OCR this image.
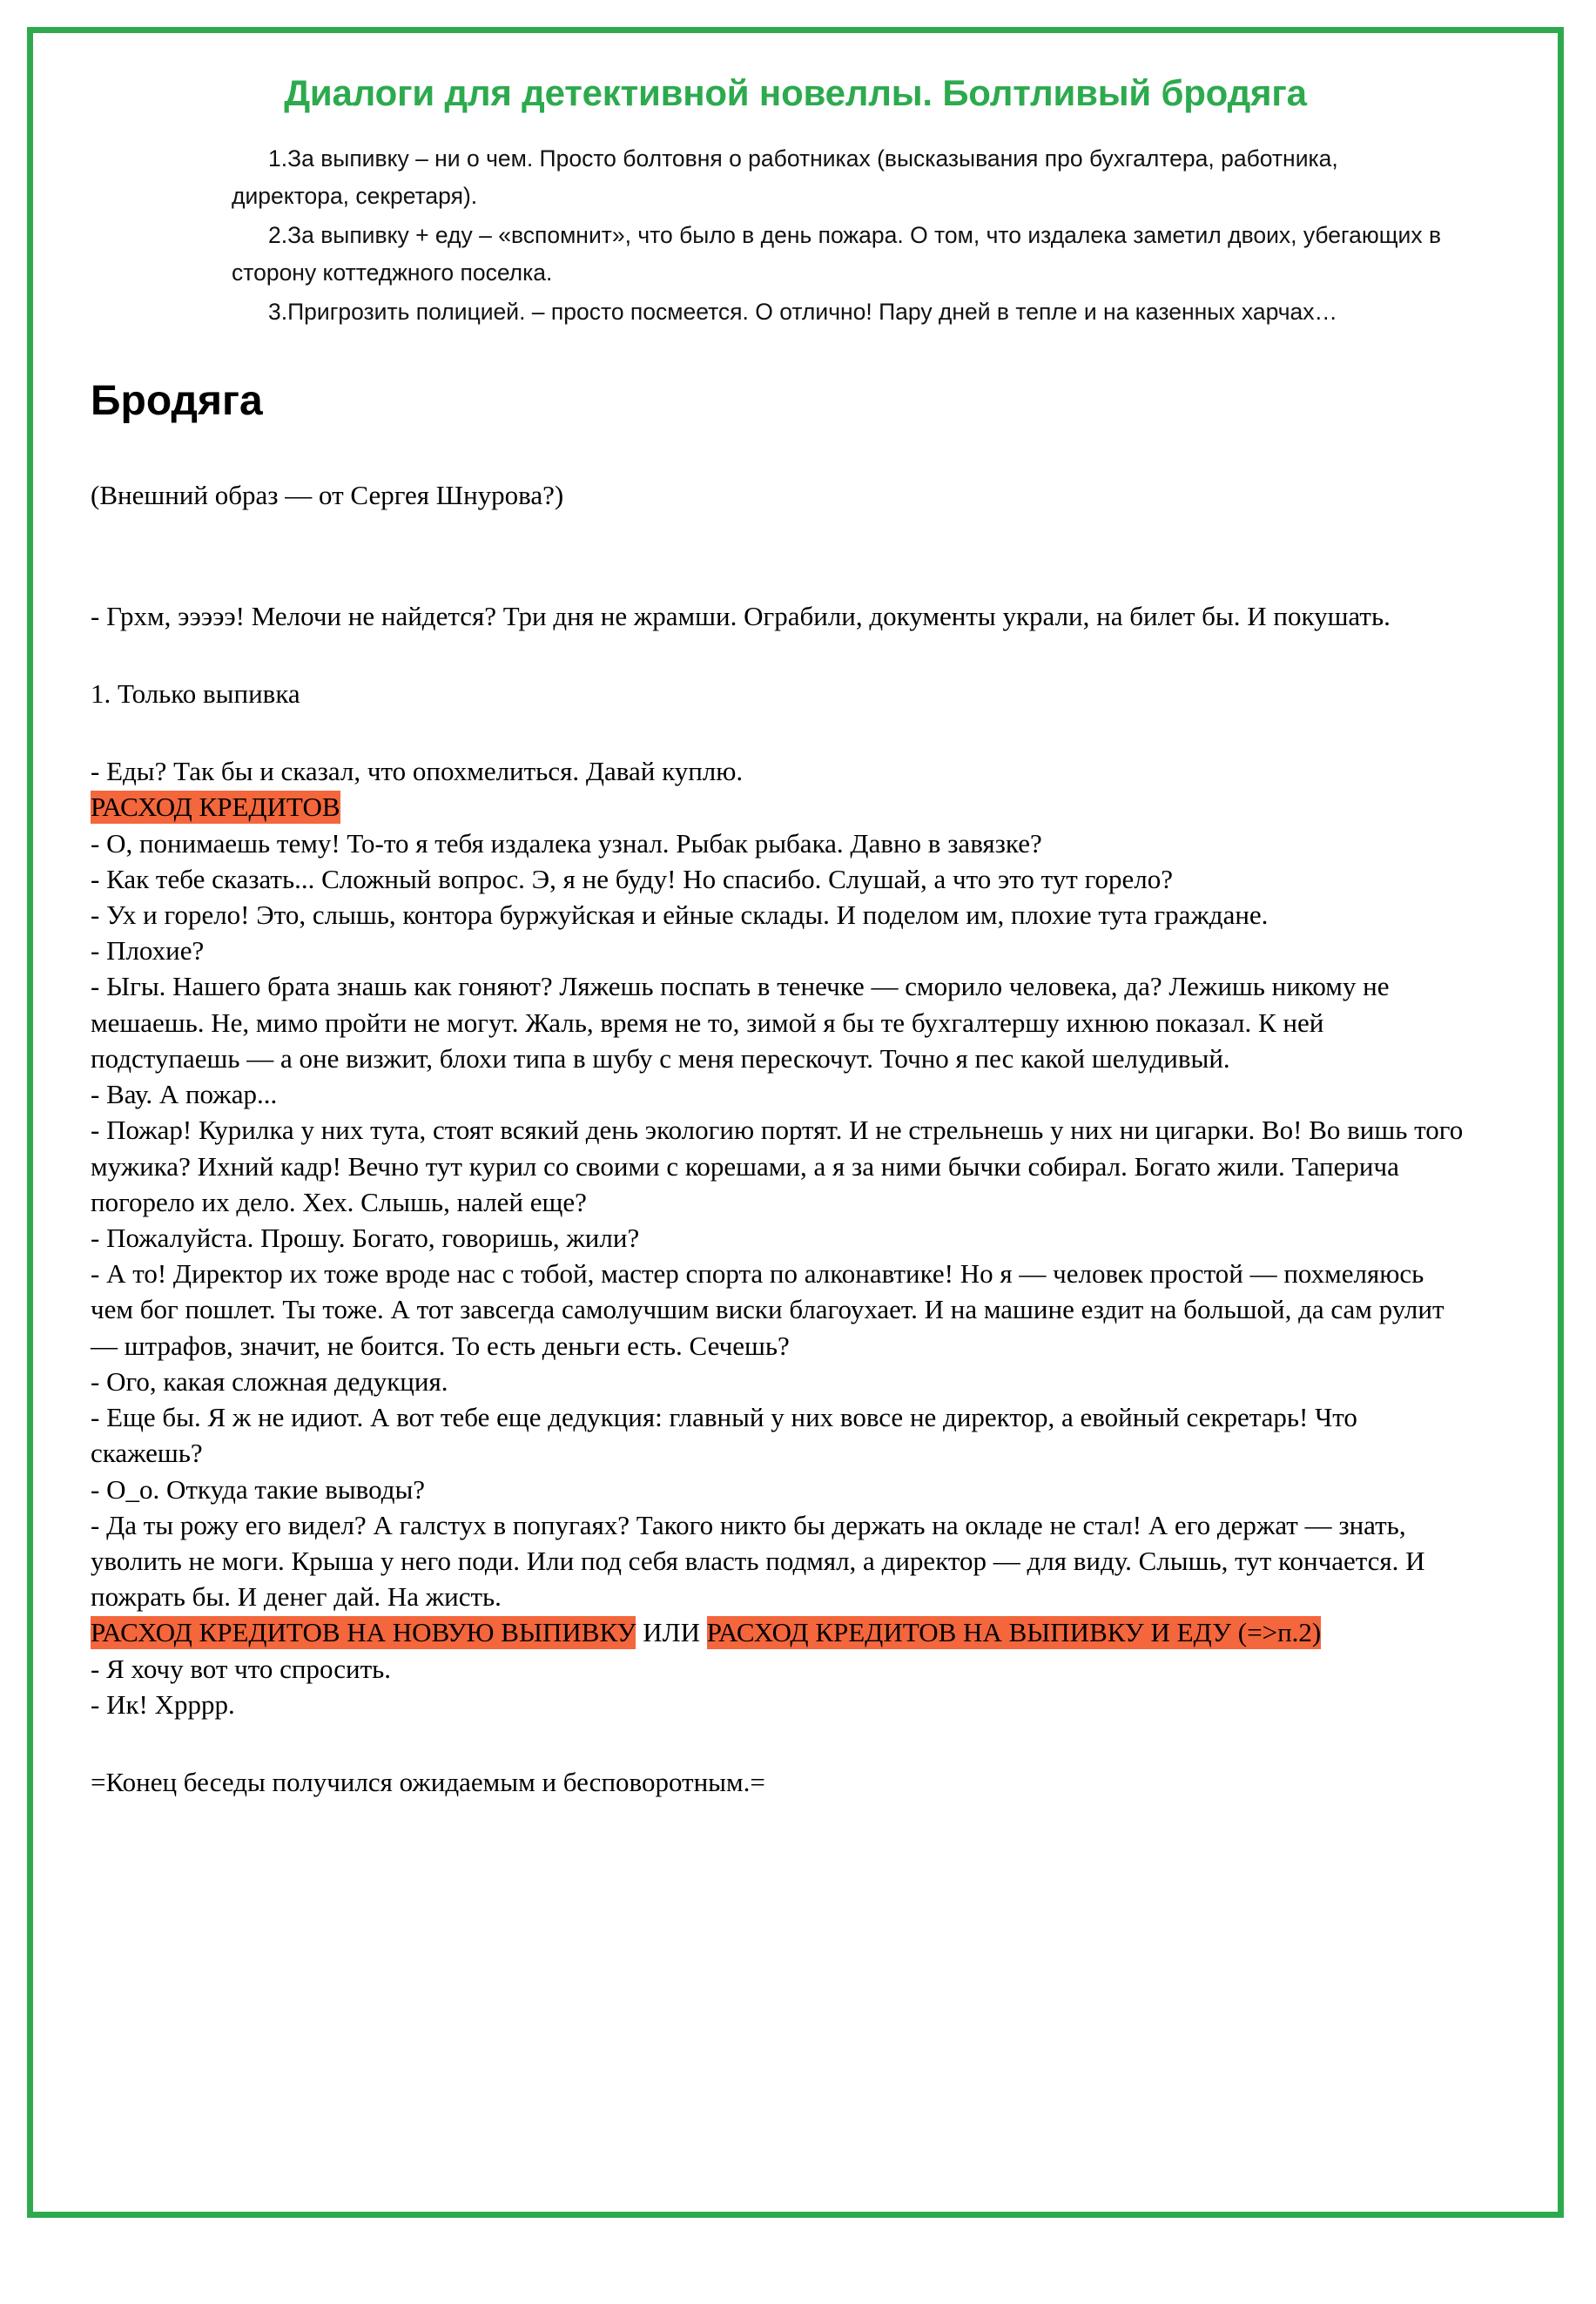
Диалоги для детективной новеллы. Болтливый бродяга

1.За выпивку – ни о чем. Просто болтовня о работниках (высказывания про бухгалтера, работника, директора, секретаря).

2.За выпивку + еду – «вспомнит», что было в день пожара. О том, что издалека заметил двоих, убегающих в сторону коттеджного поселка.

3.Пригрозить полицией. – просто посмеется. О отлично! Пару дней в тепле и на казенных харчах…

Бродяга

(Внешний образ — от Сергея Шнурова?)

- Грхм, эээээ! Мелочи не найдется? Три дня не жрамши. Ограбили, документы украли, на билет бы. И покушать.

1. Только выпивка

- Еды? Так бы и сказал, что опохмелиться. Давай куплю.

РАСХОД КРЕДИТОВ

- О, понимаешь тему! То-то я тебя издалека узнал. Рыбак рыбака. Давно в завязке?

- Как тебе сказать... Сложный вопрос. Э, я не буду! Но спасибо. Слушай, а что это тут горело?

- Ух и горело! Это, слышь, контора буржуйская и ейные склады. И поделом им, плохие тута граждане.

- Плохие?

- Ыгы. Нашего брата знашь как гоняют? Ляжешь поспать в тенечке — сморило человека, да? Лежишь никому не мешаешь. Не, мимо пройти не могут. Жаль, время не то, зимой я бы те бухгалтершу ихнюю показал. К ней подступаешь — а оне визжит, блохи типа в шубу с меня перескочут. Точно я пес какой шелудивый.

- Вау. А пожар...

- Пожар! Курилка у них тута, стоят всякий день экологию портят. И не стрельнешь у них ни цигарки. Во! Во вишь того мужика? Ихний кадр! Вечно тут курил со своими с корешами, а я за ними бычки собирал. Богато жили. Таперича погорело их дело. Хех. Слышь, налей еще?

- Пожалуйста. Прошу. Богато, говоришь, жили?

- А то! Директор их тоже вроде нас с тобой, мастер спорта по алконавтике! Но я — человек простой — похмеляюсь чем бог пошлет. Ты тоже. А тот завсегда самолучшим виски благоухает. И на машине ездит на большой, да сам рулит — штрафов, значит, не боится. То есть деньги есть. Сечешь?

- Ого, какая сложная дедукция.

- Еще бы. Я ж не идиот. А вот тебе еще дедукция: главный у них вовсе не директор, а евойный секретарь! Что скажешь?

- О_о. Откуда такие выводы?

- Да ты рожу его видел? А галстух в попугаях? Такого никто бы держать на окладе не стал! А его держат — знать, уволить не моги. Крыша у него поди. Или под себя власть подмял, а директор — для виду. Слышь, тут кончается. И пожрать бы. И денег дай. На жисть.

РАСХОД КРЕДИТОВ НА НОВУЮ ВЫПИВКУ ИЛИ РАСХОД КРЕДИТОВ НА ВЫПИВКУ И ЕДУ (=>п.2)

- Я хочу вот что спросить.

- Ик! Хрррр.

=Конец беседы получился ожидаемым и бесповоротным.=
